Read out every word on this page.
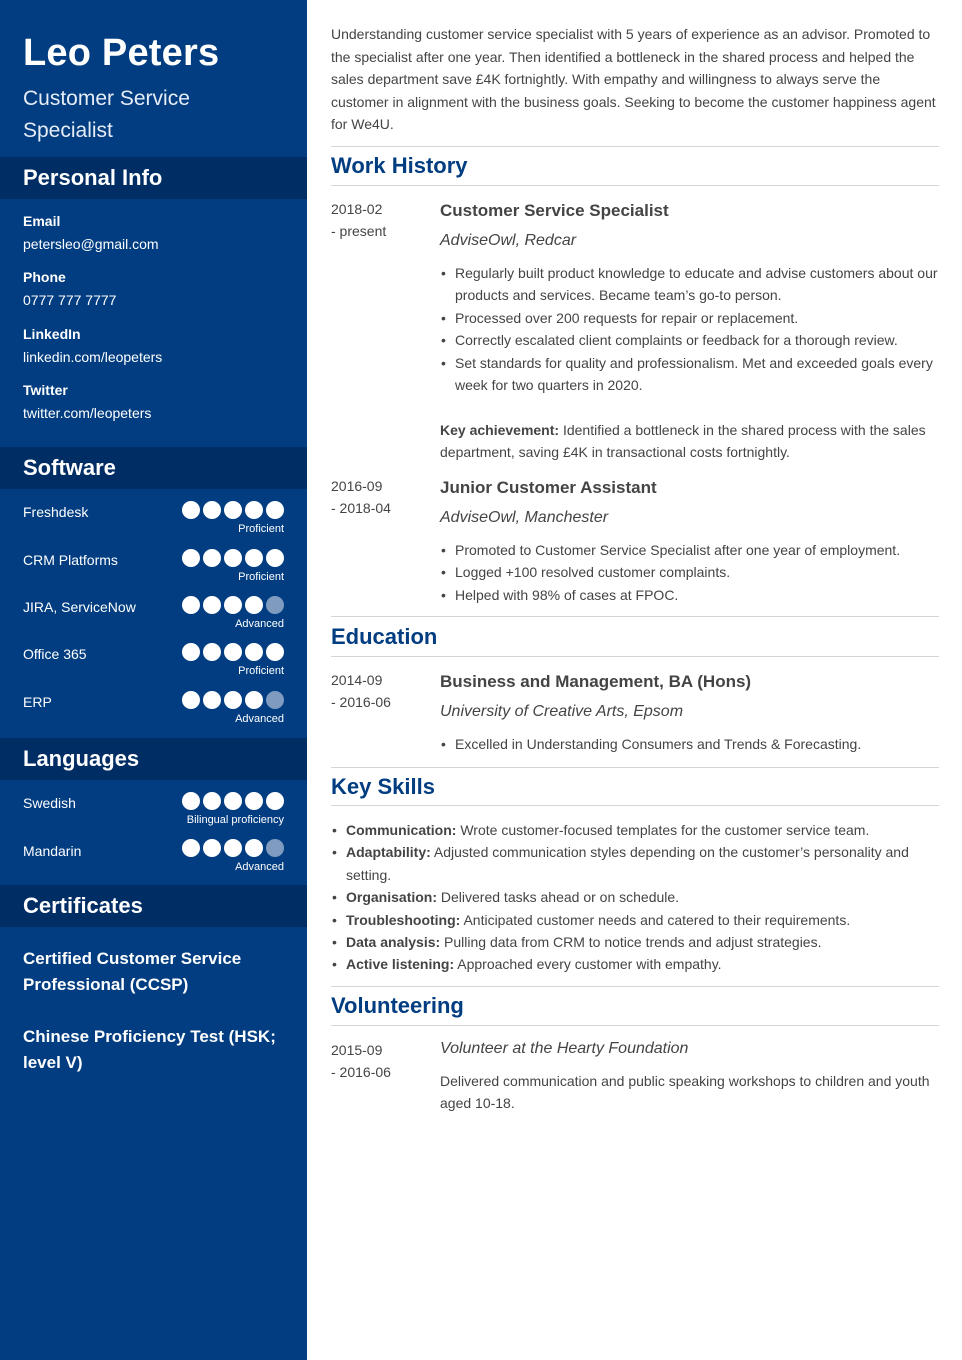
Leo Peters
Customer Service Specialist
Personal Info
Email
petersleo@gmail.com
Phone
0777 777 7777
LinkedIn
linkedin.com/leopeters
Twitter
twitter.com/leopeters
Software
Freshdesk
Proficient
CRM Platforms
Proficient
JIRA, ServiceNow
Advanced
Office 365
Proficient
ERP
Advanced
Languages
Swedish
Bilingual proficiency
Mandarin
Advanced
Certificates
Certified Customer Service Professional (CCSP)
Chinese Proficiency Test (HSK; level V)
Understanding customer service specialist with 5 years of experience as an advisor. Promoted to the specialist after one year. Then identified a bottleneck in the shared process and helped the sales department save £4K fortnightly. With empathy and willingness to always serve the customer in alignment with the business goals. Seeking to become the customer happiness agent for We4U.
Work History
2018-02
- present
Customer Service Specialist
AdviseOwl, Redcar
• Regularly built product knowledge to educate and advise customers about our products and services. Became team’s go-to person.
• Processed over 200 requests for repair or replacement.
• Correctly escalated client complaints or feedback for a thorough review.
• Set standards for quality and professionalism. Met and exceeded goals every week for two quarters in 2020.
Key achievement: Identified a bottleneck in the shared process with the sales department, saving £4K in transactional costs fortnightly.
2016-09
- 2018-04
Junior Customer Assistant
AdviseOwl, Manchester
• Promoted to Customer Service Specialist after one year of employment.
• Logged +100 resolved customer complaints.
• Helped with 98% of cases at FPOC.
Education
2014-09
- 2016-06
Business and Management, BA (Hons)
University of Creative Arts, Epsom
• Excelled in Understanding Consumers and Trends & Forecasting.
Key Skills
• Communication: Wrote customer-focused templates for the customer service team.
• Adaptability: Adjusted communication styles depending on the customer’s personality and setting.
• Organisation: Delivered tasks ahead or on schedule.
• Troubleshooting: Anticipated customer needs and catered to their requirements.
• Data analysis: Pulling data from CRM to notice trends and adjust strategies.
• Active listening: Approached every customer with empathy.
Volunteering
2015-09
- 2016-06
Volunteer at the Hearty Foundation
Delivered communication and public speaking workshops to children and youth aged 10-18.
